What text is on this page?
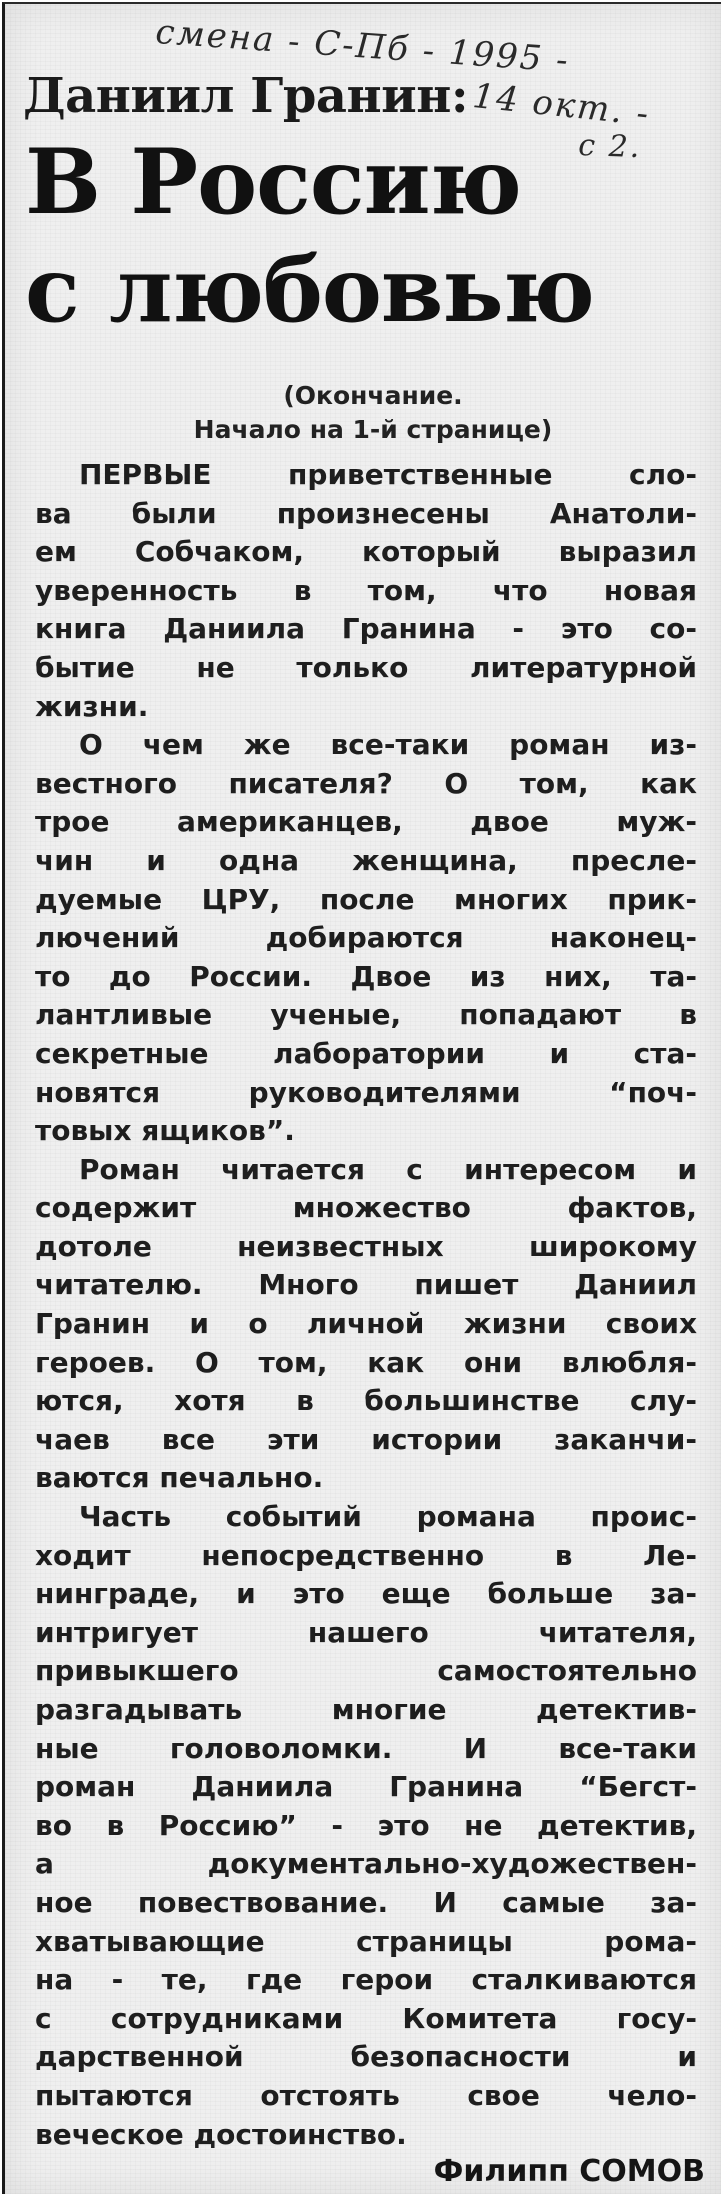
смена - С-Пб - 1995 -
14 окт. -
с 2.
Даниил Гранин:
В Россию
с любовью
(Окончание.
Начало на 1-й странице)
ПЕРВЫЕ приветственные сло-
ва были произнесены Анатоли-
ем Собчаком, который выразил
уверенность в том, что новая
книга Даниила Гранина - это со-
бытие не только литературной
жизни.
О чем же все-таки роман из-
вестного писателя? О том, как
трое американцев, двое муж-
чин и одна женщина, пресле-
дуемые ЦРУ, после многих прик-
лючений добираются наконец-
то до России. Двое из них, та-
лантливые ученые, попадают в
секретные лаборатории и ста-
новятся руководителями “поч-
товых ящиков”.
Роман читается с интересом и
содержит множество фактов,
дотоле неизвестных широкому
читателю. Много пишет Даниил
Гранин и о личной жизни своих
героев. О том, как они влюбля-
ются, хотя в большинстве слу-
чаев все эти истории заканчи-
ваются печально.
Часть событий романа проис-
ходит непосредственно в Ле-
нинграде, и это еще больше за-
интригует нашего читателя,
привыкшего самостоятельно
разгадывать многие детектив-
ные головоломки. И все-таки
роман Даниила Гранина “Бегст-
во в Россию” - это не детектив,
а документально-художествен-
ное повествование. И самые за-
хватывающие страницы рома-
на - те, где герои сталкиваются
с сотрудниками Комитета госу-
дарственной безопасности и
пытаются отстоять свое чело-
веческое достоинство.
Филипп СОМОВ
